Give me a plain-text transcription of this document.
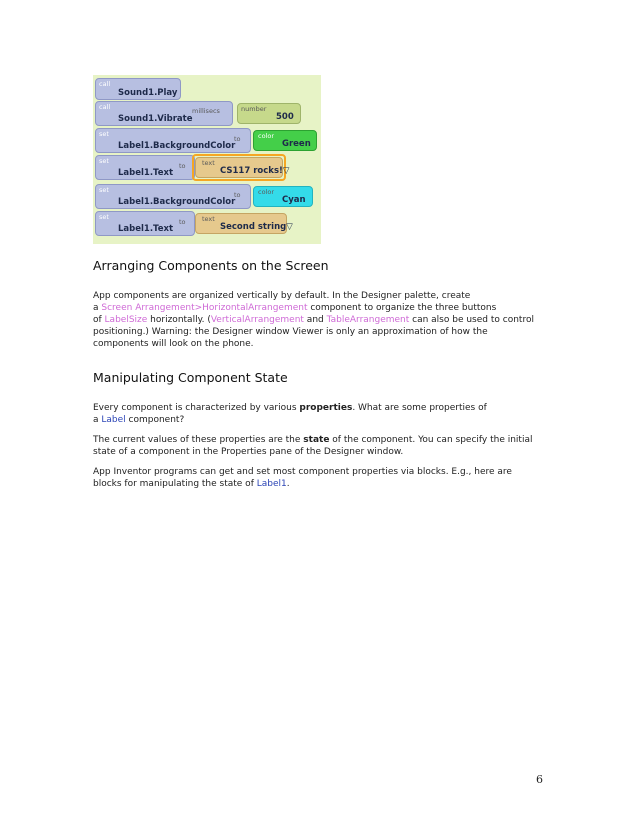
call
Sound1.Play
call
Sound1.Vibrate
millisecs	number
500
set
Label1.BackgroundColor
to	color
Green
set
Label1.Text
to	text
CS117 rocks!▽
set
Label1.BackgroundColor
to	color
Cyan
set
Label1.Text
to	text
Second string▽
Arranging Components on the Screen
App components are organized vertically by default. In the Designer palette, create
a Screen Arrangement>HorizontalArrangement component to organize the three buttons
of LabelSize horizontally. (VerticalArrangement and TableArrangement can also be used to control
positioning.) Warning: the Designer window Viewer is only an approximation of how the
components will look on the phone.
Manipulating Component State
Every component is characterized by various properties. What are some properties of
a Label component?
The current values of these properties are the state of the component. You can specify the initial
state of a component in the Properties pane of the Designer window.
App Inventor programs can get and set most component properties via blocks. E.g., here are
blocks for manipulating the state of Label1.
6
